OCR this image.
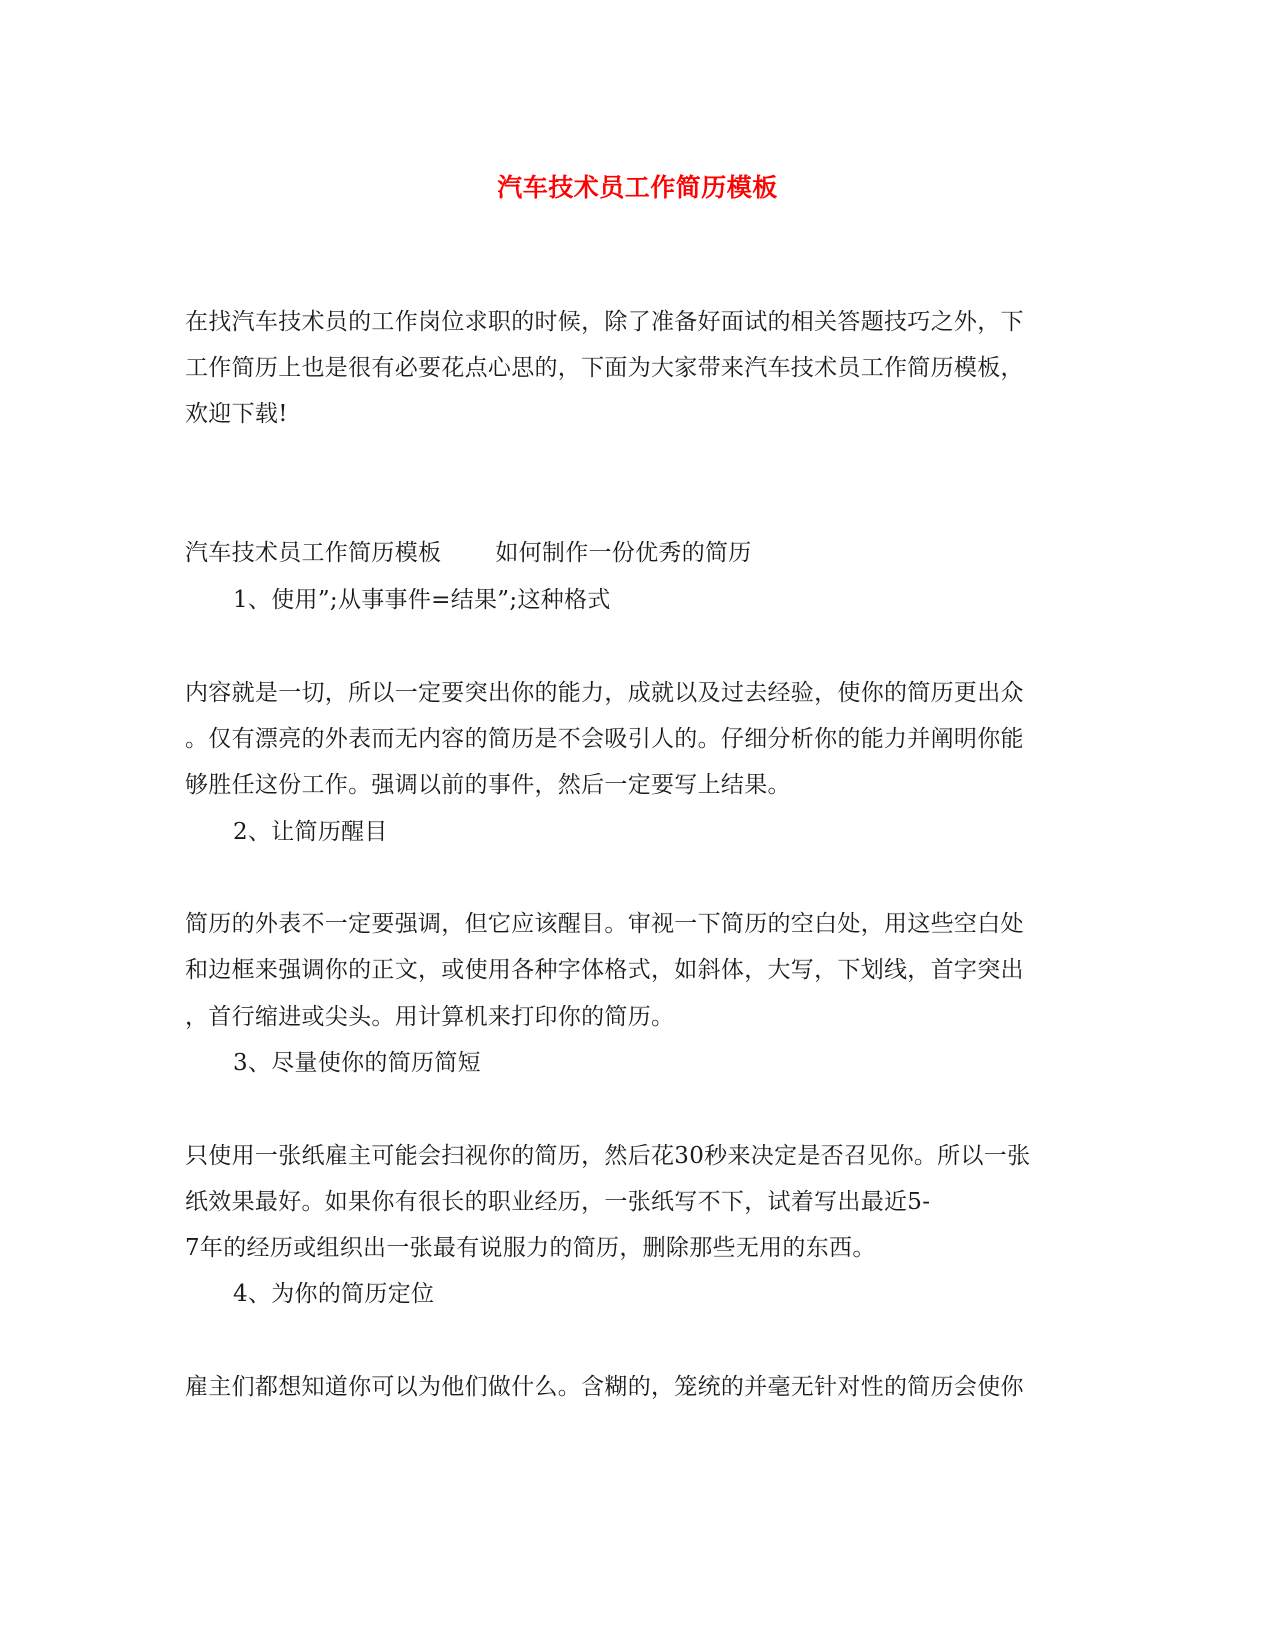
汽车技术员工作简历模板
在找汽车技术员的工作岗位求职的时候，除了准备好面试的相关答题技巧之外，下
工作简历上也是很有必要花点心思的，下面为大家带来汽车技术员工作简历模板，
欢迎下载!
汽车技术员工作简历模板 如何制作一份优秀的简历
1、使用”;从事事件=结果”;这种格式
内容就是一切，所以一定要突出你的能力，成就以及过去经验，使你的简历更出众
。仅有漂亮的外表而无内容的简历是不会吸引人的。仔细分析你的能力并阐明你能
够胜任这份工作。强调以前的事件，然后一定要写上结果。
2、让简历醒目
简历的外表不一定要强调，但它应该醒目。审视一下简历的空白处，用这些空白处
和边框来强调你的正文，或使用各种字体格式，如斜体，大写，下划线，首字突出
，首行缩进或尖头。用计算机来打印你的简历。
3、尽量使你的简历简短
只使用一张纸雇主可能会扫视你的简历，然后花30秒来决定是否召见你。所以一张
纸效果最好。如果你有很长的职业经历，一张纸写不下，试着写出最近5-
7年的经历或组织出一张最有说服力的简历，删除那些无用的东西。
4、为你的简历定位
雇主们都想知道你可以为他们做什么。含糊的，笼统的并毫无针对性的简历会使你
